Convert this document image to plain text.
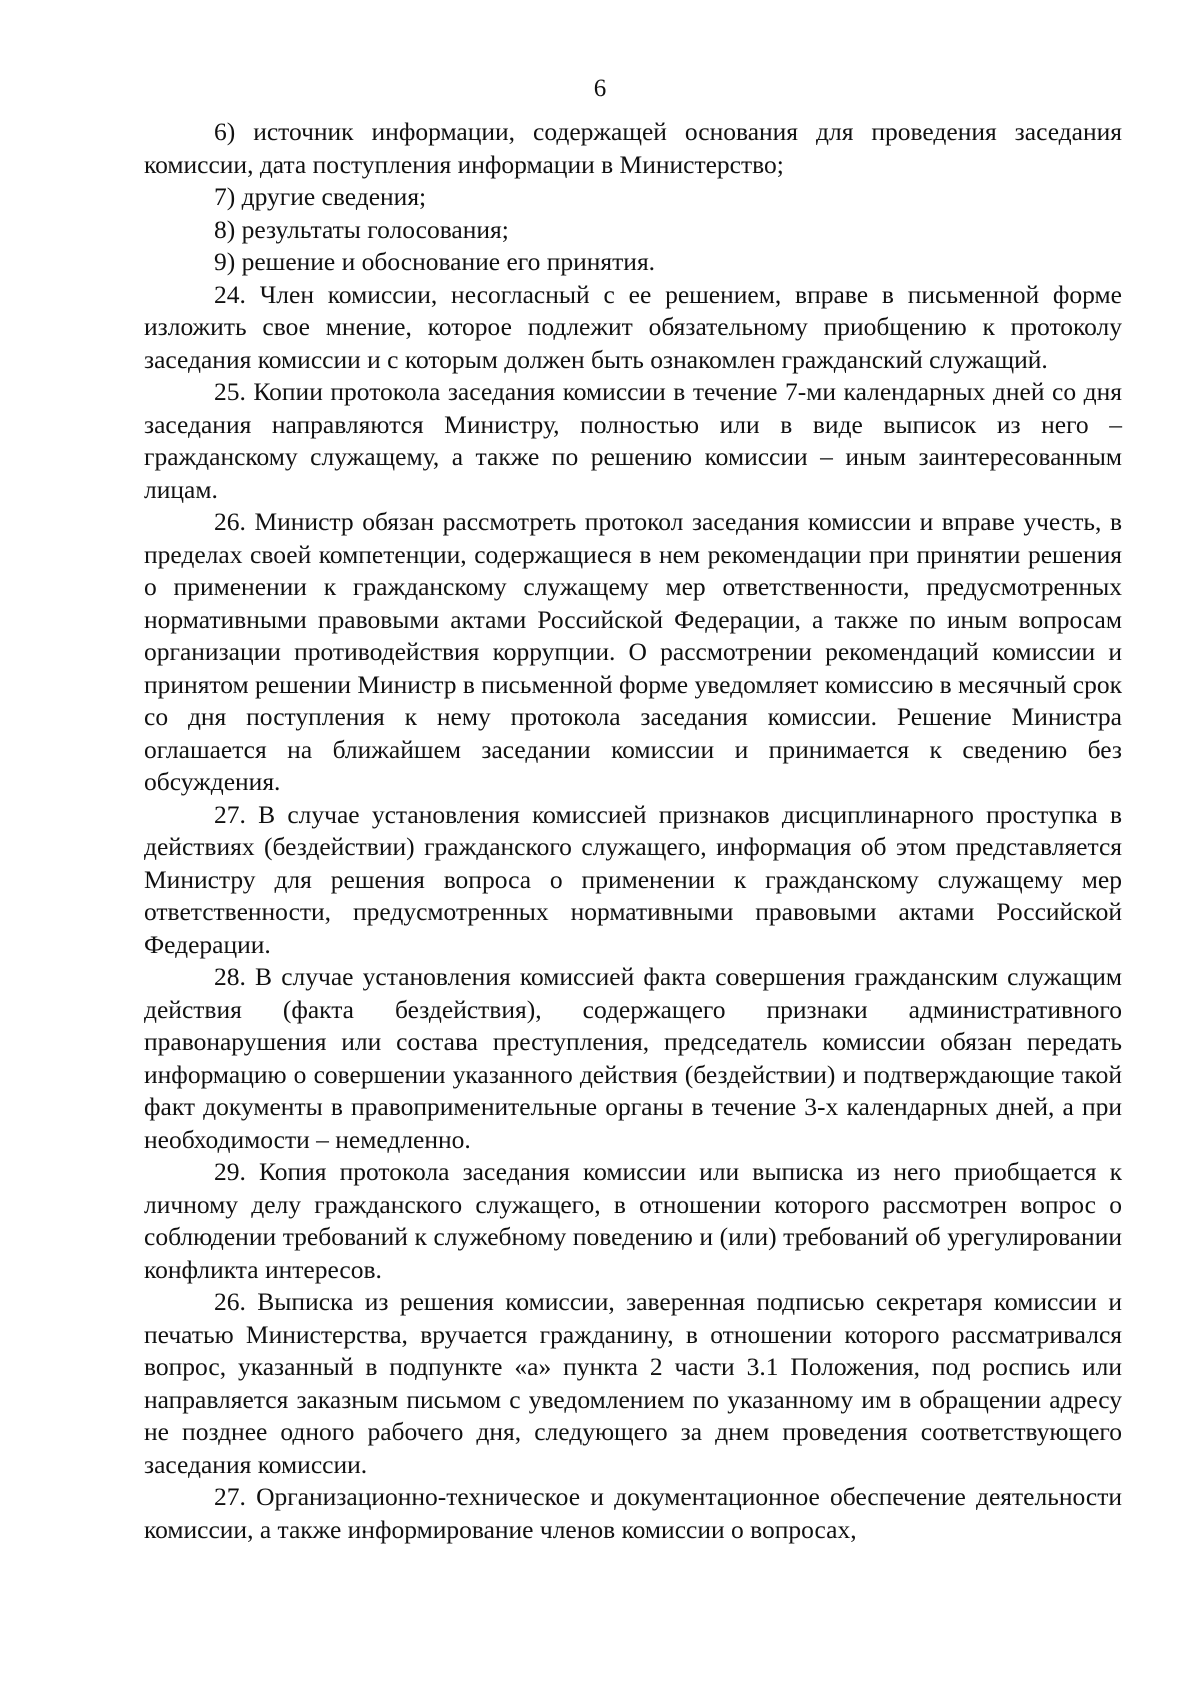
6

6) источник информации, содержащей основания для проведения заседания комиссии, дата поступления информации в Министерство;

7) другие сведения;

8) результаты голосования;

9) решение и обоснование его принятия.

24. Член комиссии, несогласный с ее решением, вправе в письменной форме изложить свое мнение, которое подлежит обязательному приобщению к протоколу заседания комиссии и с которым должен быть ознакомлен гражданский служащий.

25. Копии протокола заседания комиссии в течение 7-ми календарных дней со дня заседания направляются Министру, полностью или в виде выписок из него – гражданскому служащему, а также по решению комиссии – иным заинтересованным лицам.

26. Министр обязан рассмотреть протокол заседания комиссии и вправе учесть, в пределах своей компетенции, содержащиеся в нем рекомендации при принятии решения о применении к гражданскому служащему мер ответственности, предусмотренных нормативными правовыми актами Российской Федерации, а также по иным вопросам организации противодействия коррупции. О рассмотрении рекомендаций комиссии и принятом решении Министр в письменной форме уведомляет комиссию в месячный срок со дня поступления к нему протокола заседания комиссии. Решение Министра оглашается на ближайшем заседании комиссии и принимается к сведению без обсуждения.

27. В случае установления комиссией признаков дисциплинарного проступка в действиях (бездействии) гражданского служащего, информация об этом представляется Министру для решения вопроса о применении к гражданскому служащему мер ответственности, предусмотренных нормативными правовыми актами Российской Федерации.

28. В случае установления комиссией факта совершения гражданским служащим действия (факта бездействия), содержащего признаки административного правонарушения или состава преступления, председатель комиссии обязан передать информацию о совершении указанного действия (бездействии) и подтверждающие такой факт документы в правоприменительные органы в течение 3-х календарных дней, а при необходимости – немедленно.

29. Копия протокола заседания комиссии или выписка из него приобщается к личному делу гражданского служащего, в отношении которого рассмотрен вопрос о соблюдении требований к служебному поведению и (или) требований об урегулировании конфликта интересов.

26. Выписка из решения комиссии, заверенная подписью секретаря комиссии и печатью Министерства, вручается гражданину, в отношении которого рассматривался вопрос, указанный в подпункте «а» пункта 2 части 3.1 Положения, под роспись или направляется заказным письмом с уведомлением по указанному им в обращении адресу не позднее одного рабочего дня, следующего за днем проведения соответствующего заседания комиссии.

27. Организационно-техническое и документационное обеспечение деятельности комиссии, а также информирование членов комиссии о вопросах,
